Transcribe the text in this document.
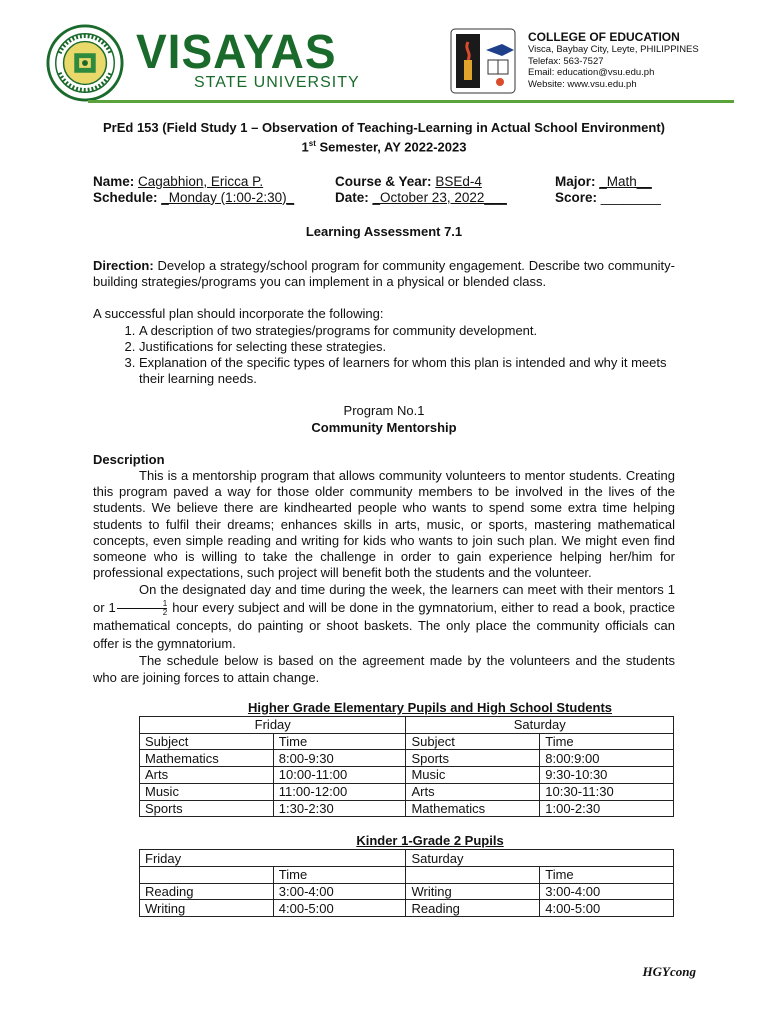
VISAYAS
STATE UNIVERSITY
COLLEGE OF EDUCATION
Visca, Baybay City, Leyte, PHILIPPINES
Telefax: 563-7527
Email: education@vsu.edu.ph
Website: www.vsu.edu.ph
PrEd 153 (Field Study 1 – Observation of Teaching-Learning in Actual School Environment)
1st Semester, AY 2022-2023
Name: Cagabhion, Ericca P.	Course & Year: BSEd-4	Major: _Math__
Schedule: _Monday (1:00-2:30)_	Date: _October 23, 2022___	Score: ________
Learning Assessment 7.1

Direction: Develop a strategy/school program for community engagement. Describe two community-building strategies/programs you can implement in a physical or blended class.

A successful plan should incorporate the following:

1. A description of two strategies/programs for community development.
2. Justifications for selecting these strategies.
3. Explanation of the specific types of learners for whom this plan is intended and why it meets their learning needs.
Program No.1
Community Mentorship
Description

This is a mentorship program that allows community volunteers to mentor students. Creating this program paved a way for those older community members to be involved in the lives of the students. We believe there are kindhearted people who wants to spend some extra time helping students to fulfil their dreams; enhances skills in arts, music, or sports, mastering mathematical concepts, even simple reading and writing for kids who wants to join such plan. We might even find someone who is willing to take the challenge in order to gain experience helping her/him for professional expectations, such project will benefit both the students and the volunteer.

On the designated day and time during the week, the learners can meet with their mentors 1 or $1 \frac{1}{2}$ hour every subject and will be done in the gymnatorium, either to read a book, practice mathematical concepts, do painting or shoot baskets. The only place the community officials can offer is the gymnatorium.

The schedule below is based on the agreement made by the volunteers and the students who are joining forces to attain change.

Higher Grade Elementary Pupils and High School Students
Friday		Saturday	
Subject	Time	Subject	Time
Mathematics	8:00-9:30	Sports	8:00:9:00
Arts	10:00-11:00	Music	9:30-10:30
Music	11:00-12:00	Arts	10:30-11:30
Sports	1:30-2:30	Mathematics	1:00-2:30
Kinder 1-Grade 2 Pupils
Friday		Saturday	
	Time		Time
Reading	3:00-4:00	Writing	3:00-4:00
Writing	4:00-5:00	Reading	4:00-5:00
HGYcong
